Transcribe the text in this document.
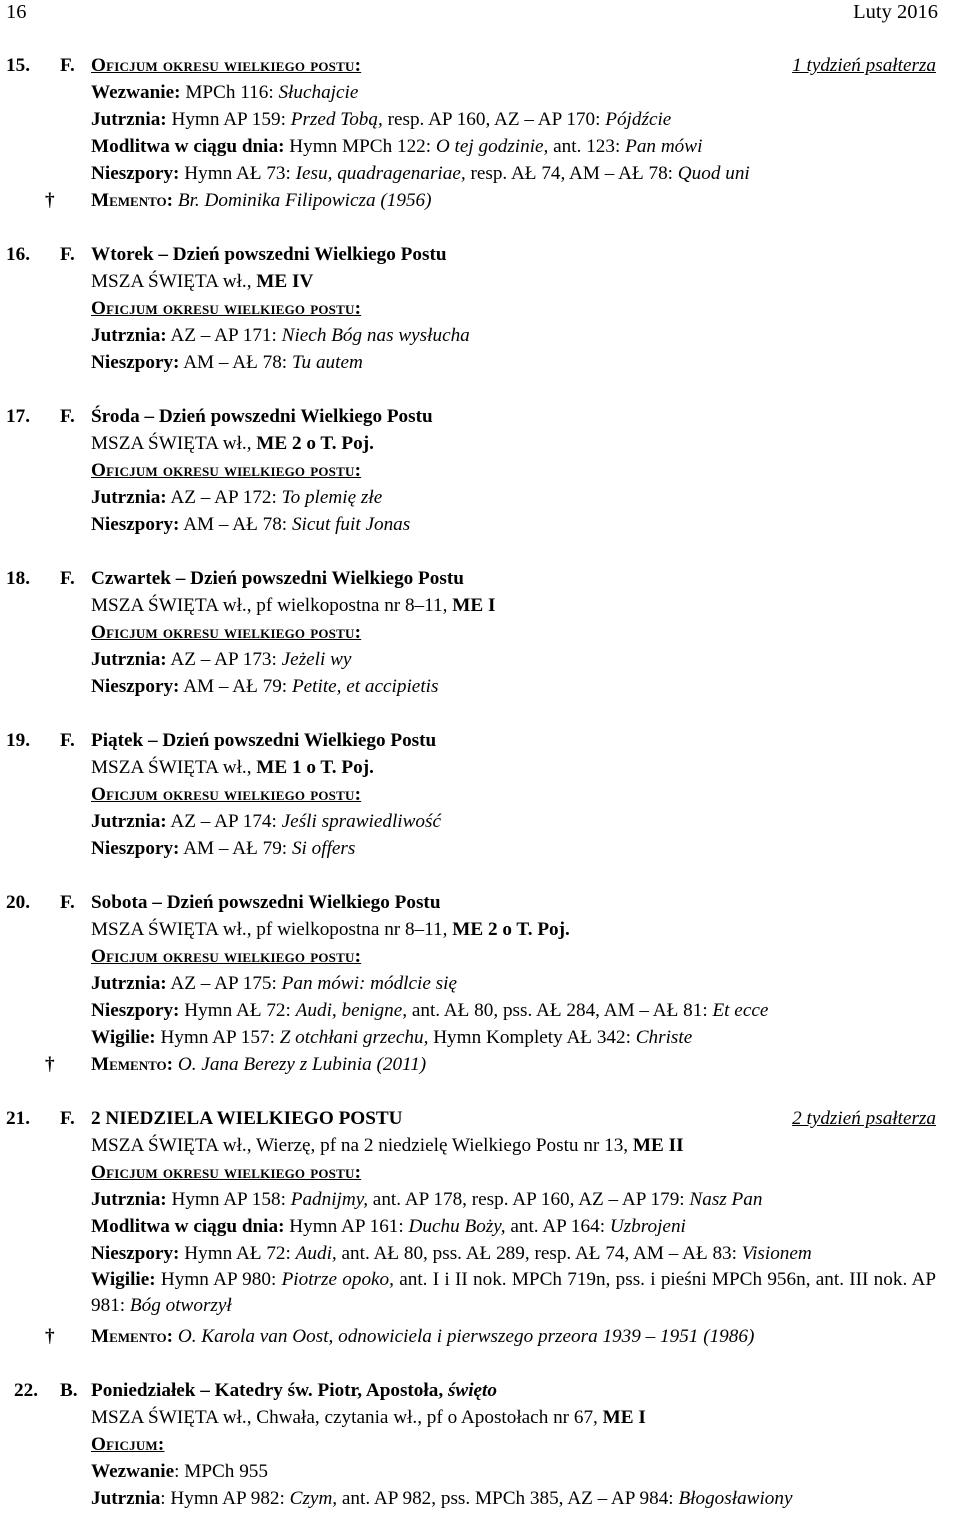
16	Luty 2016
15. F. Oficjum okresu wielkiego postu:	1 tydzień psałterza
Wezwanie: MPCh 116: Słuchajcie
Jutrznia: Hymn AP 159: Przed Tobą, resp. AP 160, AZ – AP 170: Pójdźcie
Modlitwa w ciągu dnia: Hymn MPCh 122: O tej godzinie, ant. 123: Pan mówi
Nieszpory: Hymn AŁ 73: Iesu, quadragenariae, resp. AŁ 74, AM – AŁ 78: Quod uni
† Memento: Br. Dominika Filipowicza (1956)
16. F. Wtorek – Dzień powszedni Wielkiego Postu
MSZA ŚWIĘTA wł., ME IV
Oficjum okresu wielkiego postu:
Jutrznia: AZ – AP 171: Niech Bóg nas wysłucha
Nieszpory: AM – AŁ 78: Tu autem
17. F. Środa – Dzień powszedni Wielkiego Postu
MSZA ŚWIĘTA wł., ME 2 o T. Poj.
Oficjum okresu wielkiego postu:
Jutrznia: AZ – AP 172: To plemię złe
Nieszpory: AM – AŁ 78: Sicut fuit Jonas
18. F. Czwartek – Dzień powszedni Wielkiego Postu
MSZA ŚWIĘTA wł., pf wielkopostna nr 8–11, ME I
Oficjum okresu wielkiego postu:
Jutrznia: AZ – AP 173: Jeżeli wy
Nieszpory: AM – AŁ 79: Petite, et accipietis
19. F. Piątek – Dzień powszedni Wielkiego Postu
MSZA ŚWIĘTA wł., ME 1 o T. Poj.
Oficjum okresu wielkiego postu:
Jutrznia: AZ – AP 174: Jeśli sprawiedliwość
Nieszpory: AM – AŁ 79: Si offers
20. F. Sobota – Dzień powszedni Wielkiego Postu
MSZA ŚWIĘTA wł., pf wielkopostna nr 8–11, ME 2 o T. Poj.
Oficjum okresu wielkiego postu:
Jutrznia: AZ – AP 175: Pan mówi: módlcie się
Nieszpory: Hymn AŁ 72: Audi, benigne, ant. AŁ 80, pss. AŁ 284, AM – AŁ 81: Et ecce
Wigilie: Hymn AP 157: Z otchłani grzechu, Hymn Komplety AŁ 342: Christe
† Memento: O. Jana Berezy z Lubinia (2011)
21. F. 2 NIEDZIELA WIELKIEGO POSTU	2 tydzień psałterza
MSZA ŚWIĘTA wł., Wierzę, pf na 2 niedzielę Wielkiego Postu nr 13, ME II
Oficjum okresu wielkiego postu:
Jutrznia: Hymn AP 158: Padnijmy, ant. AP 178, resp. AP 160, AZ – AP 179: Nasz Pan
Modlitwa w ciągu dnia: Hymn AP 161: Duchu Boży, ant. AP 164: Uzbrojeni
Nieszpory: Hymn AŁ 72: Audi, ant. AŁ 80, pss. AŁ 289, resp. AŁ 74, AM – AŁ 83: Visionem
Wigilie: Hymn AP 980: Piotrze opoko, ant. I i II nok. MPCh 719n, pss. i pieśni MPCh 956n, ant. III nok. AP 981: Bóg otworzył
† Memento: O. Karola van Oost, odnowiciela i pierwszego przeora 1939 – 1951 (1986)
22. B. Poniedziałek – Katedry św. Piotr, Apostoła, święto
MSZA ŚWIĘTA wł., Chwała, czytania wł., pf o Apostołach nr 67, ME I
Oficjum:
Wezwanie: MPCh 955
Jutrznia: Hymn AP 982: Czym, ant. AP 982, pss. MPCh 385, AZ – AP 984: Błogosławiony
